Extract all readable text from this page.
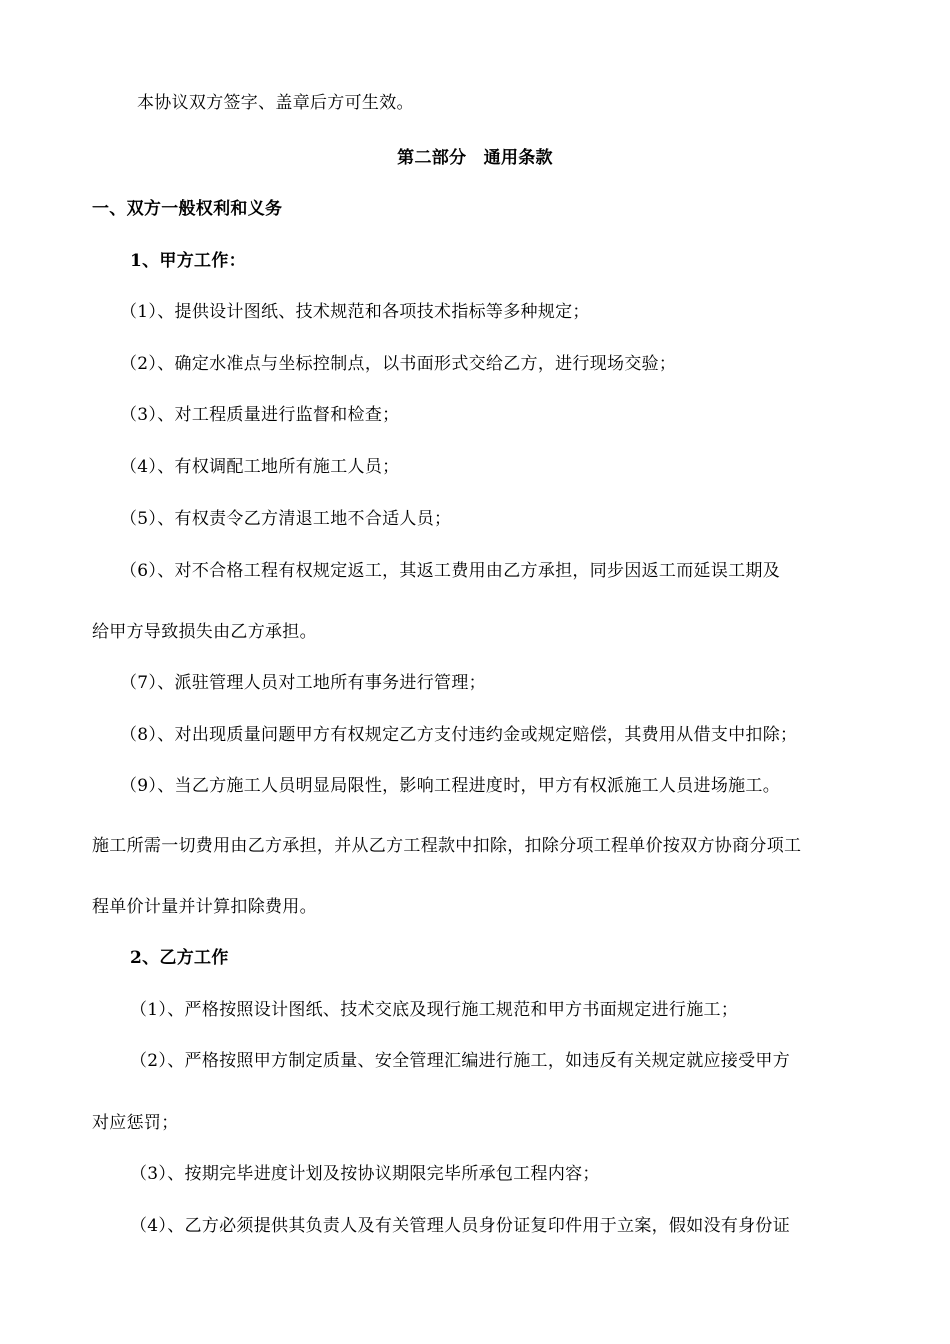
本协议双方签字、盖章后方可生效。
第二部分　通用条款
一、双方一般权利和义务
1、甲方工作：
（1）、提供设计图纸、技术规范和各项技术指标等多种规定；
（2）、确定水准点与坐标控制点，以书面形式交给乙方，进行现场交验；
（3）、对工程质量进行监督和检查；
（4）、有权调配工地所有施工人员；
（5）、有权责令乙方清退工地不合适人员；
（6）、对不合格工程有权规定返工，其返工费用由乙方承担，同步因返工而延误工期及
给甲方导致损失由乙方承担。
（7）、派驻管理人员对工地所有事务进行管理；
（8）、对出现质量问题甲方有权规定乙方支付违约金或规定赔偿，其费用从借支中扣除；
（9）、当乙方施工人员明显局限性，影响工程进度时，甲方有权派施工人员进场施工。
施工所需一切费用由乙方承担，并从乙方工程款中扣除，扣除分项工程单价按双方协商分项工
程单价计量并计算扣除费用。
2、乙方工作
（1）、严格按照设计图纸、技术交底及现行施工规范和甲方书面规定进行施工；
（2）、严格按照甲方制定质量、安全管理汇编进行施工，如违反有关规定就应接受甲方
对应惩罚；
（3）、按期完毕进度计划及按协议期限完毕所承包工程内容；
（4）、乙方必须提供其负责人及有关管理人员身份证复印件用于立案，假如没有身份证
